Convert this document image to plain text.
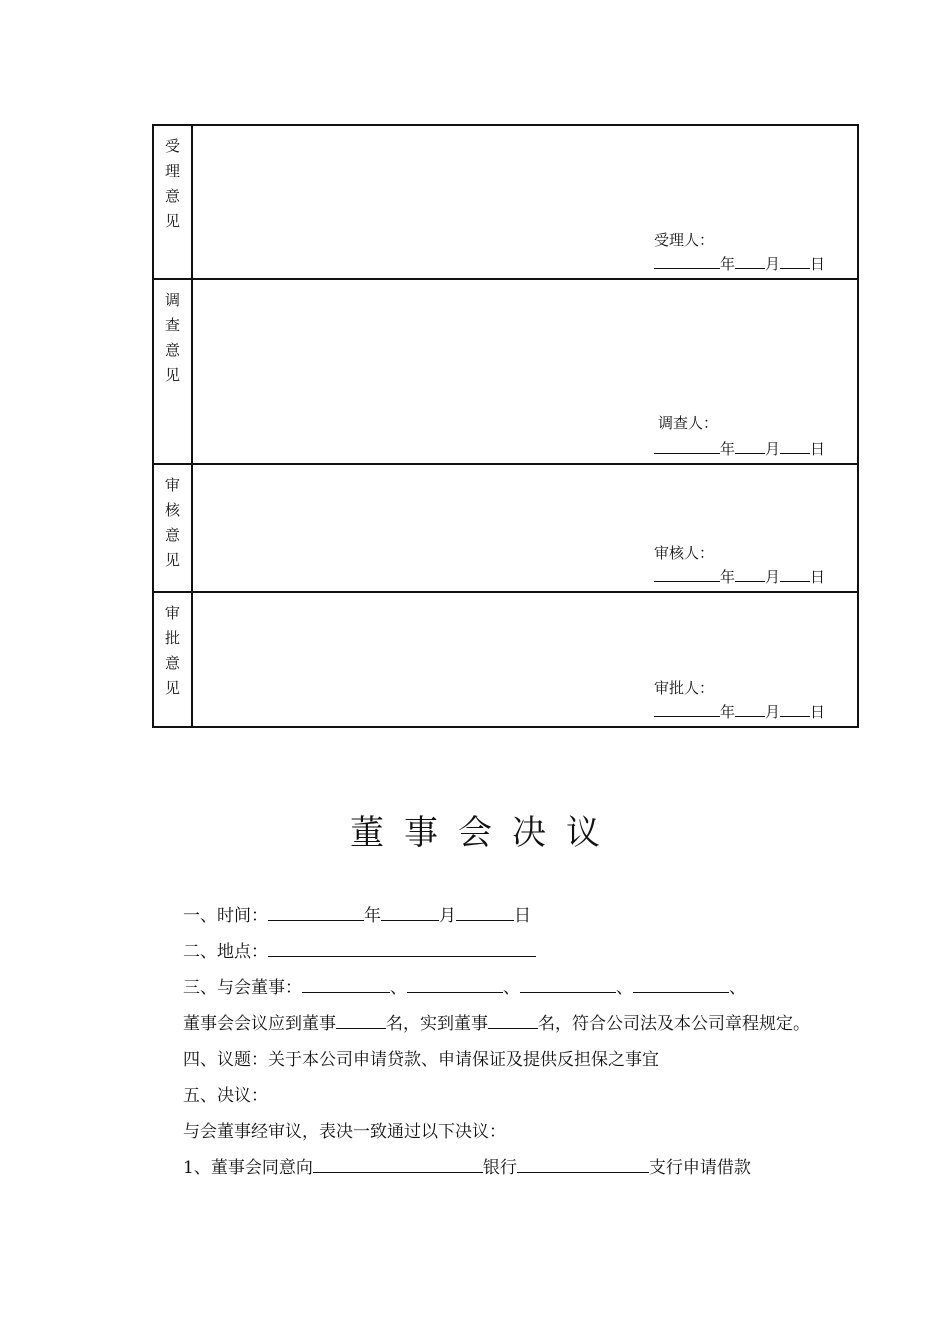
受理意见	受理人：
年 月 日

调查意见	调查人：
年 月 日

审核意见	审核人：
年 月 日

审批意见	审批人：
年 月 日
董事会决议
一、时间：	年	月	日
二、地点：
三、与会董事：	、	、	、	、
董事会会议应到董事	名，实到董事	名，符合公司法及本公司章程规定。
四、议题：关于本公司申请贷款、申请保证及提供反担保之事宜
五、决议：
与会董事经审议，表决一致通过以下决议：
1、董事会同意向	银行	支行申请借款
